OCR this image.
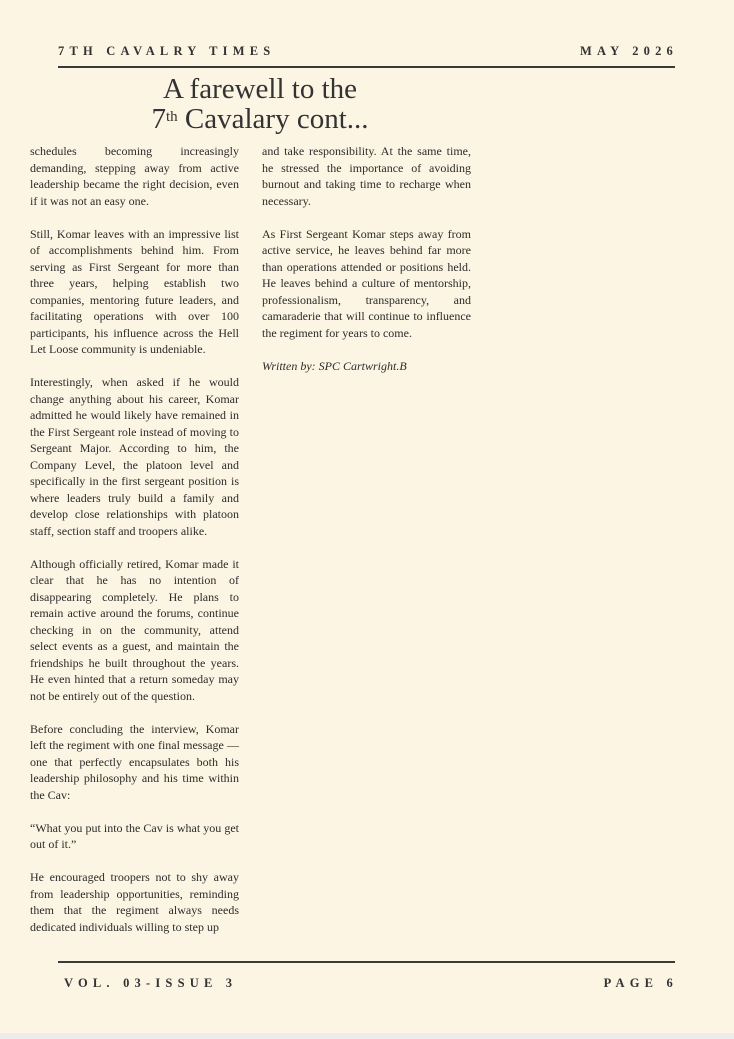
7TH CAVALRY TIMES	MAY 2026
A farewell to the
7th Cavalary cont...

schedules becoming increasingly demanding, stepping away from active leadership became the right decision, even if it was not an easy one.

Still, Komar leaves with an impressive list of accomplishments behind him. From serving as First Sergeant for more than three years, helping establish two companies, mentoring future leaders, and facilitating operations with over 100 participants, his influence across the Hell Let Loose community is undeniable.

Interestingly, when asked if he would change anything about his career, Komar admitted he would likely have remained in the First Sergeant role instead of moving to Sergeant Major. According to him, the Company Level, the platoon level and specifically in the first sergeant position is where leaders truly build a family and develop close relationships with platoon staff, section staff and troopers alike.

Although officially retired, Komar made it clear that he has no intention of disappearing completely. He plans to remain active around the forums, continue checking in on the community, attend select events as a guest, and maintain the friendships he built throughout the years. He even hinted that a return someday may not be entirely out of the question.

Before concluding the interview, Komar left the regiment with one final message — one that perfectly encapsulates both his leadership philosophy and his time within the Cav:

“What you put into the Cav is what you get out of it.”

He encouraged troopers not to shy away from leadership opportunities, reminding them that the regiment always needs dedicated individuals willing to step up

and take responsibility. At the same time, he stressed the importance of avoiding burnout and taking time to recharge when necessary.

As First Sergeant Komar steps away from active service, he leaves behind far more than operations attended or positions held. He leaves behind a culture of mentorship, professionalism, transparency, and camaraderie that will continue to influence the regiment for years to come.

Written by: SPC Cartwright.B

VOL. 03-ISSUE 3	PAGE 6
